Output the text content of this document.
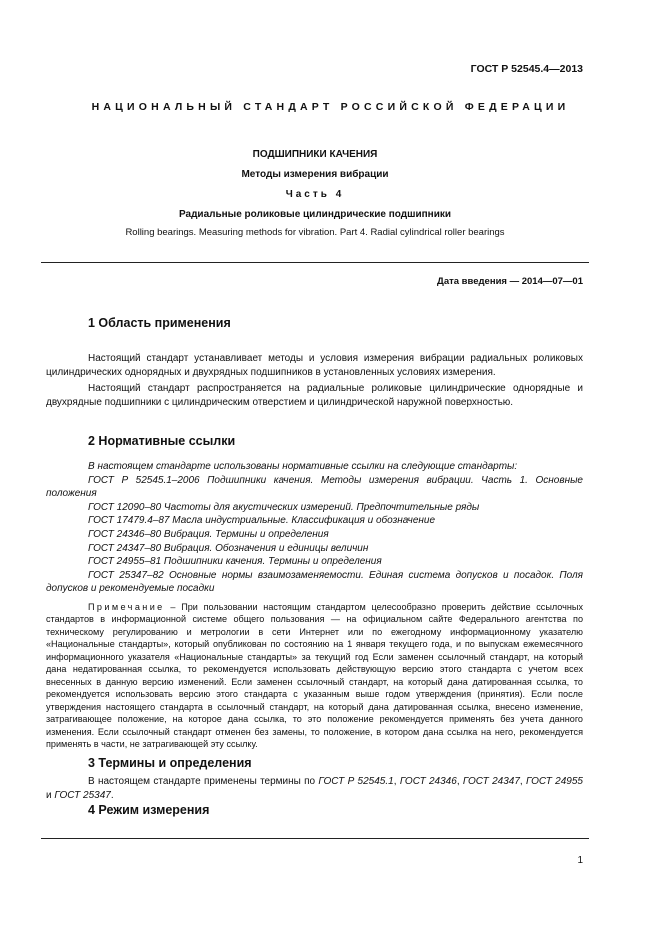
ГОСТ Р 52545.4—2013
НАЦИОНАЛЬНЫЙ СТАНДАРТ РОССИЙСКОЙ ФЕДЕРАЦИИ
ПОДШИПНИКИ КАЧЕНИЯ
Методы измерения вибрации
Часть 4
Радиальные роликовые цилиндрические подшипники
Rolling bearings. Measuring methods for vibration. Part 4. Radial cylindrical roller bearings
Дата введения — 2014—07—01
1 Область применения

Настоящий стандарт устанавливает методы и условия измерения вибрации радиальных роликовых цилиндрических однорядных и двухрядных подшипников в установленных условиях измерения.

Настоящий стандарт распространяется на радиальные роликовые цилиндрические однорядные и двухрядные подшипники с цилиндрическим отверстием и цилиндрической наружной поверхностью.

2 Нормативные ссылки

В настоящем стандарте использованы нормативные ссылки на следующие стандарты:

ГОСТ Р 52545.1–2006 Подшипники качения. Методы измерения вибрации. Часть 1. Основные положения

ГОСТ 12090–80 Частоты для акустических измерений. Предпочтительные ряды

ГОСТ 17479.4–87 Масла индустриальные. Классификация и обозначение

ГОСТ 24346–80 Вибрация. Термины и определения

ГОСТ 24347–80 Вибрация. Обозначения и единицы величин

ГОСТ 24955–81 Подшипники качения. Термины и определения

ГОСТ 25347–82 Основные нормы взаимозаменяемости. Единая система допусков и посадок. Поля допусков и рекомендуемые посадки

Примечание – При пользовании настоящим стандартом целесообразно проверить действие ссылочных стандартов в информационной системе общего пользования — на официальном сайте Федерального агентства по техническому регулированию и метрологии в сети Интернет или по ежегодному информационному указателю «Национальные стандарты», который опубликован по состоянию на 1 января текущего года, и по выпускам ежемесячного информационного указателя «Национальные стандарты» за текущий год Если заменен ссылочный стандарт, на который дана недатированная ссылка, то рекомендуется использовать действующую версию этого стандарта с учетом всех внесенных в данную версию изменений. Если заменен ссылочный стандарт, на который дана датированная ссылка, то рекомендуется использовать версию этого стандарта с указанным выше годом утверждения (принятия). Если после утверждения настоящего стандарта в ссылочный стандарт, на который дана датированная ссылка, внесено изменение, затрагивающее положение, на которое дана ссылка, то это положение рекомендуется применять без учета данного изменения. Если ссылочный стандарт отменен без замены, то положение, в котором дана ссылка на него, рекомендуется применять в части, не затрагивающей эту ссылку.

3 Термины и определения

В настоящем стандарте применены термины по ГОСТ Р 52545.1, ГОСТ 24346, ГОСТ 24347, ГОСТ 24955 и ГОСТ 25347.

4 Режим измерения
1
